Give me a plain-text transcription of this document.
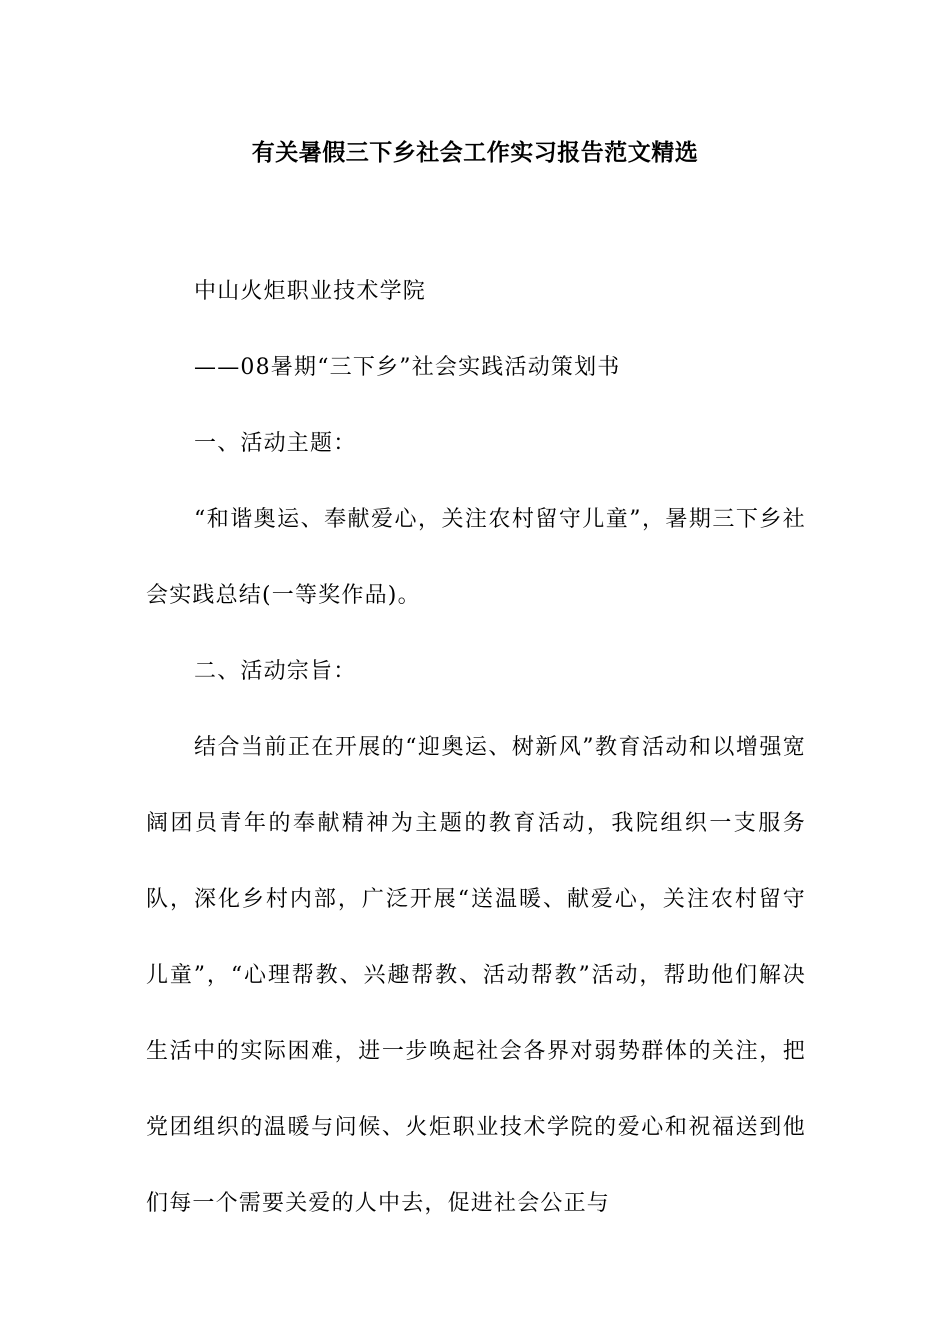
有关暑假三下乡社会工作实习报告范文精选

中山火炬职业技术学院

——08暑期“三下乡”社会实践活动策划书

一、活动主题：

“和谐奥运、奉献爱心，关注农村留守儿童”，暑期三下乡社会实践总结(一等奖作品)。

二、活动宗旨：

结合当前正在开展的“迎奥运、树新风”教育活动和以增强宽阔团员青年的奉献精神为主题的教育活动，我院组织一支服务队，深化乡村内部，广泛开展“送温暖、献爱心，关注农村留守儿童”，“心理帮教、兴趣帮教、活动帮教”活动，帮助他们解决生活中的实际困难，进一步唤起社会各界对弱势群体的关注，把党团组织的温暖与问候、火炬职业技术学院的爱心和祝福送到他们每一个需要关爱的人中去，促进社会公正与
